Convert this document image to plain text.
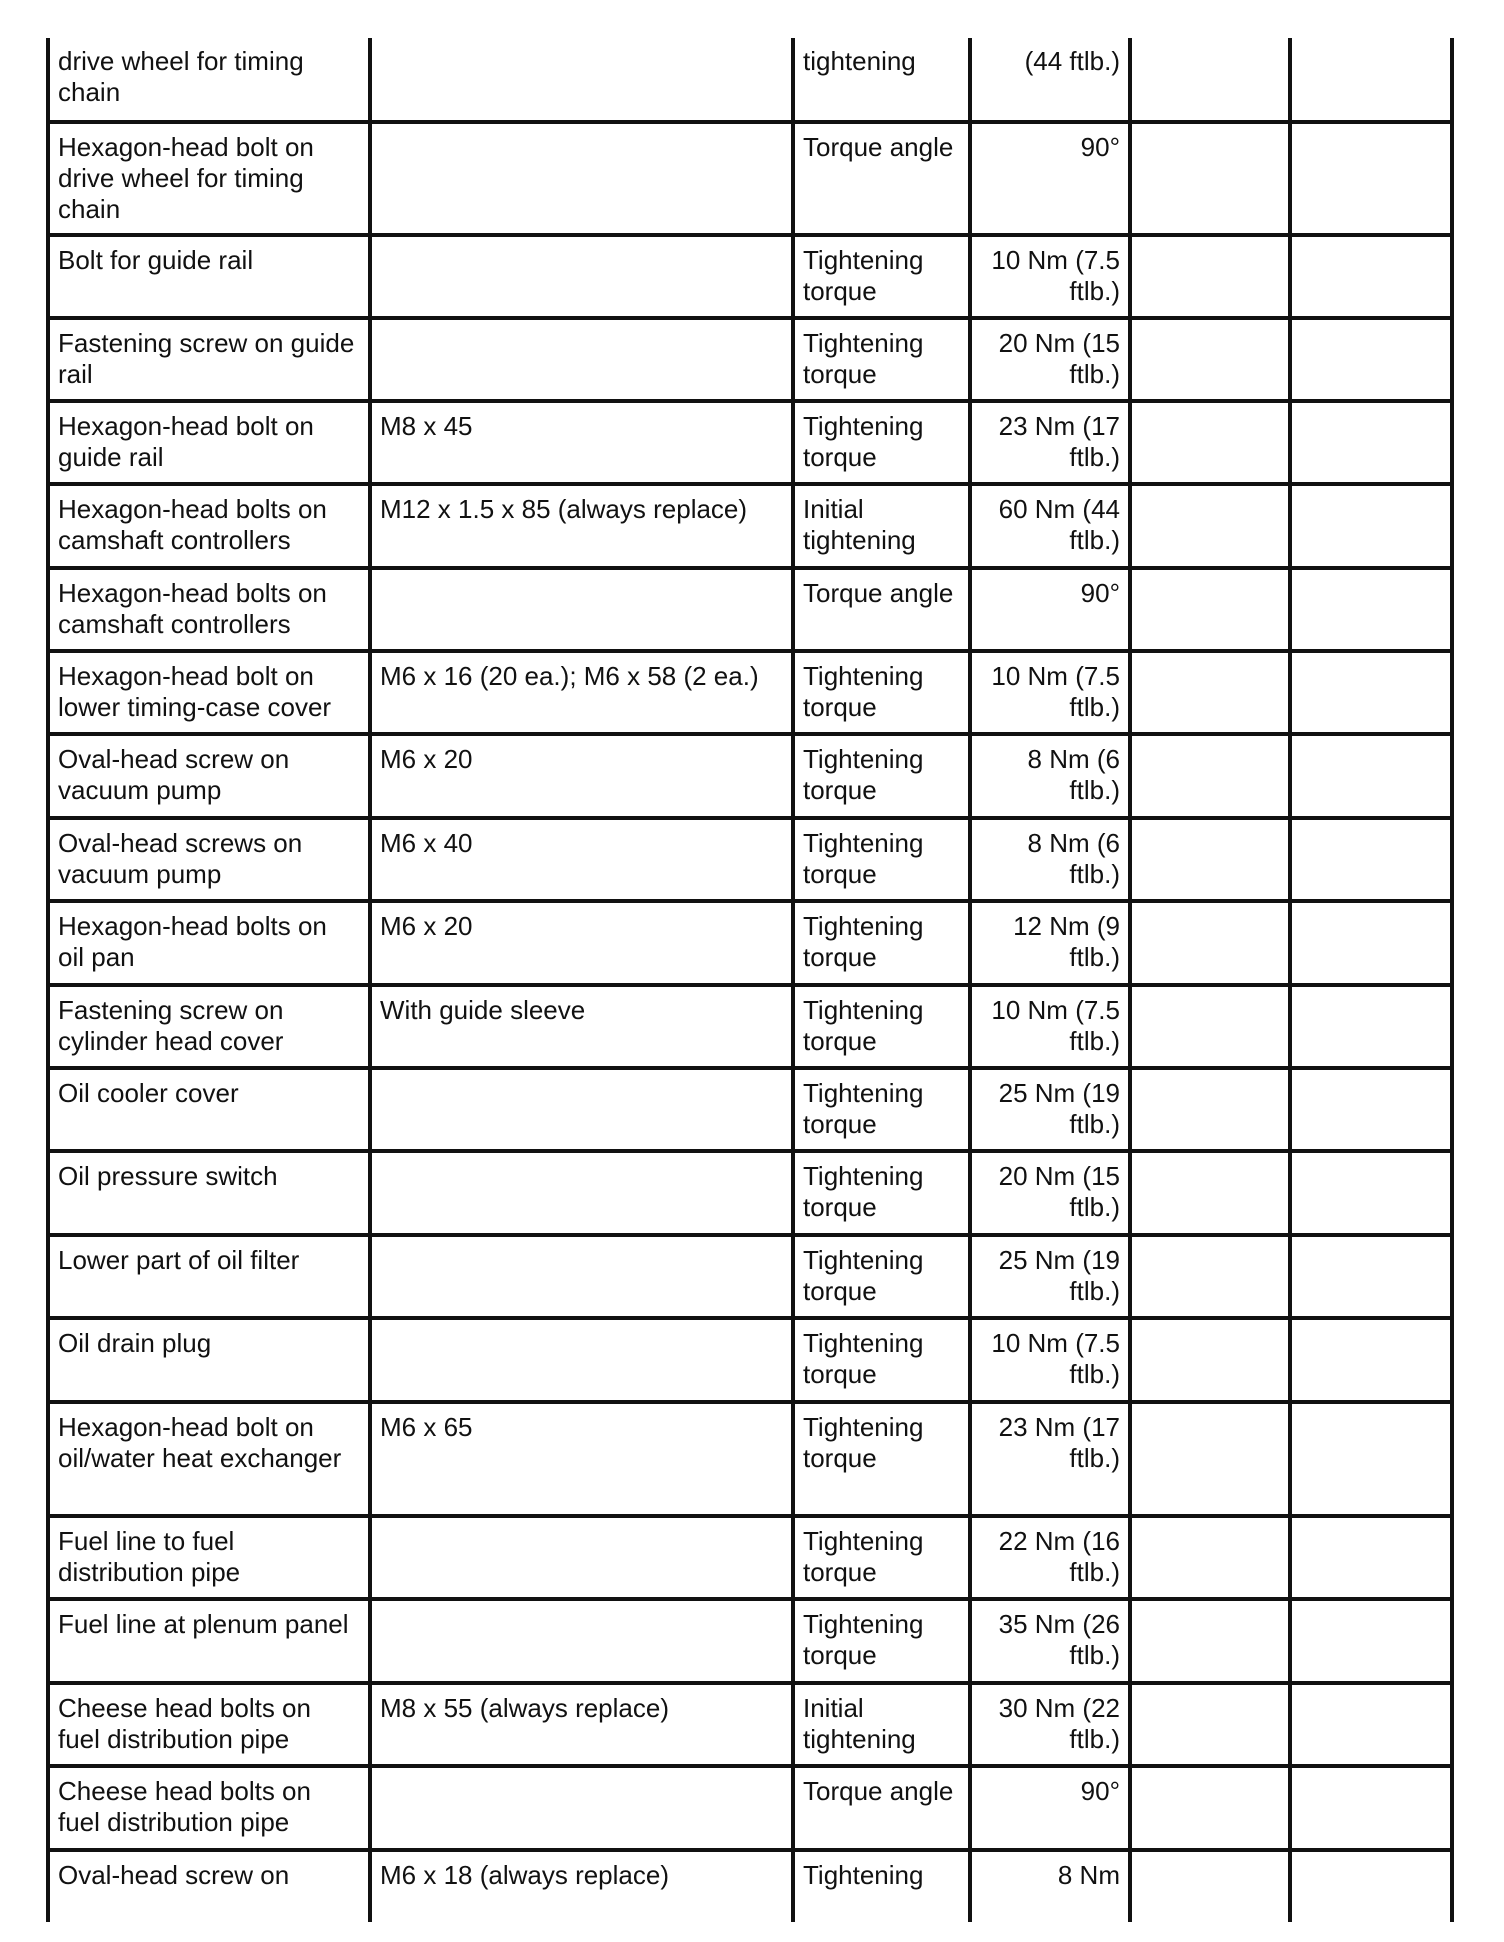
drive wheel for timing chain		tightening	(44 ftlb.)		
Hexagon-head bolt on drive wheel for timing chain		Torque angle	90°		
Bolt for guide rail		Tightening torque	10 Nm (7.5 ftlb.)		
Fastening screw on guide rail		Tightening torque	20 Nm (15 ftlb.)		
Hexagon-head bolt on guide rail	M8 x 45	Tightening torque	23 Nm (17 ftlb.)		
Hexagon-head bolts on camshaft controllers	M12 x 1.5 x 85 (always replace)	Initial tightening	60 Nm (44 ftlb.)		
Hexagon-head bolts on camshaft controllers		Torque angle	90°		
Hexagon-head bolt on lower timing-case cover	M6 x 16 (20 ea.); M6 x 58 (2 ea.)	Tightening torque	10 Nm (7.5 ftlb.)		
Oval-head screw on vacuum pump	M6 x 20	Tightening torque	8 Nm (6 ftlb.)		
Oval-head screws on vacuum pump	M6 x 40	Tightening torque	8 Nm (6 ftlb.)		
Hexagon-head bolts on oil pan	M6 x 20	Tightening torque	12 Nm (9 ftlb.)		
Fastening screw on cylinder head cover	With guide sleeve	Tightening torque	10 Nm (7.5 ftlb.)		
Oil cooler cover		Tightening torque	25 Nm (19 ftlb.)		
Oil pressure switch		Tightening torque	20 Nm (15 ftlb.)		
Lower part of oil filter		Tightening torque	25 Nm (19 ftlb.)		
Oil drain plug		Tightening torque	10 Nm (7.5 ftlb.)		
Hexagon-head bolt on oil/water heat exchanger	M6 x 65	Tightening torque	23 Nm (17 ftlb.)		
Fuel line to fuel distribution pipe		Tightening torque	22 Nm (16 ftlb.)		
Fuel line at plenum panel		Tightening torque	35 Nm (26 ftlb.)		
Cheese head bolts on fuel distribution pipe	M8 x 55 (always replace)	Initial tightening	30 Nm (22 ftlb.)		
Cheese head bolts on fuel distribution pipe		Torque angle	90°		
Oval-head screw on	M6 x 18 (always replace)	Tightening	8 Nm		
